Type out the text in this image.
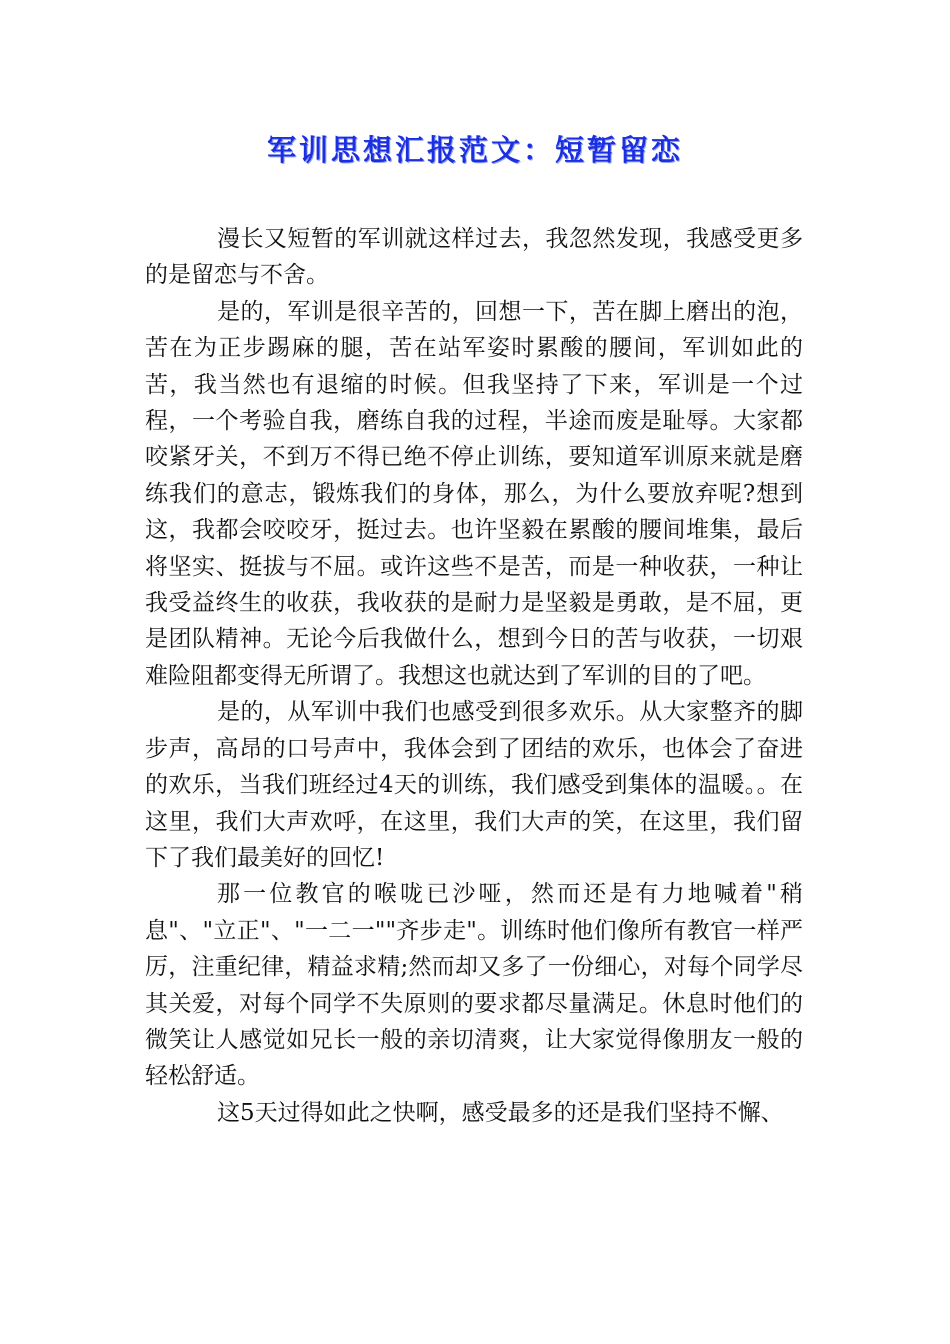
军训思想汇报范文：短暂留恋

漫长又短暂的军训就这样过去，我忽然发现，我感受更多的是留恋与不舍。

是的，军训是很辛苦的，回想一下，苦在脚上磨出的泡，苦在为正步踢麻的腿，苦在站军姿时累酸的腰间，军训如此的苦，我当然也有退缩的时候。但我坚持了下来，军训是一个过程，一个考验自我，磨练自我的过程，半途而废是耻辱。大家都咬紧牙关，不到万不得已绝不停止训练，要知道军训原来就是磨练我们的意志，锻炼我们的身体，那么，为什么要放弃呢?想到这，我都会咬咬牙，挺过去。也许坚毅在累酸的腰间堆集，最后将坚实、挺拔与不屈。或许这些不是苦，而是一种收获，一种让我受益终生的收获，我收获的是耐力是坚毅是勇敢，是不屈，更是团队精神。无论今后我做什么，想到今日的苦与收获，一切艰难险阻都变得无所谓了。我想这也就达到了军训的目的了吧。

是的，从军训中我们也感受到很多欢乐。从大家整齐的脚步声，高昂的口号声中，我体会到了团结的欢乐，也体会了奋进的欢乐，当我们班经过4天的训练，我们感受到集体的温暖。。在这里，我们大声欢呼，在这里，我们大声的笑，在这里，我们留下了我们最美好的回忆!

那一位教官的喉咙已沙哑，然而还是有力地喊着"稍息"、"立正"、"一二一""齐步走"。训练时他们像所有教官一样严厉，注重纪律，精益求精;然而却又多了一份细心，对每个同学尽其关爱，对每个同学不失原则的要求都尽量满足。休息时他们的微笑让人感觉如兄长一般的亲切清爽，让大家觉得像朋友一般的轻松舒适。

这5天过得如此之快啊，感受最多的还是我们坚持不懈、
